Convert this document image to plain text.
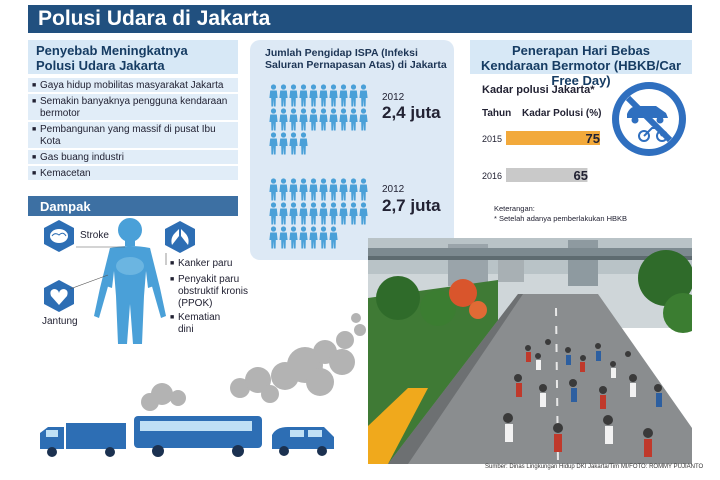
Polusi Udara di Jakarta
Penyebab Meningkatnya Polusi Udara Jakarta
■ Gaya hidup mobilitas masyarakat Jakarta
■ Semakin banyaknya pengguna kendaraan bermotor
■ Pembangunan yang massif di pusat Ibu Kota
■ Gas buang industri
■ Kemacetan
Dampak
Stroke
Jantung
■ Kanker paru
■ Penyakit paru obstruktif kronis (PPOK)
■ Kematian dini
Jumlah Pengidap ISPA (Infeksi Saluran Pernapasan Atas) di Jakarta
2012
2,4 juta
2012
2,7 juta
Penerapan Hari Bebas Kendaraan Bermotor (HBKB/Car Free Day)
Kadar polusi Jakarta*
Tahun Kadar Polusi (%)
2015
2016
75
65
Keterangan:
* Setelah adanya pemberlakukan HBKB
Sumber: Dinas Lingkungan Hidup DKI Jakarta/Tim MI/FOTO: ROMMY PUJIANTO
